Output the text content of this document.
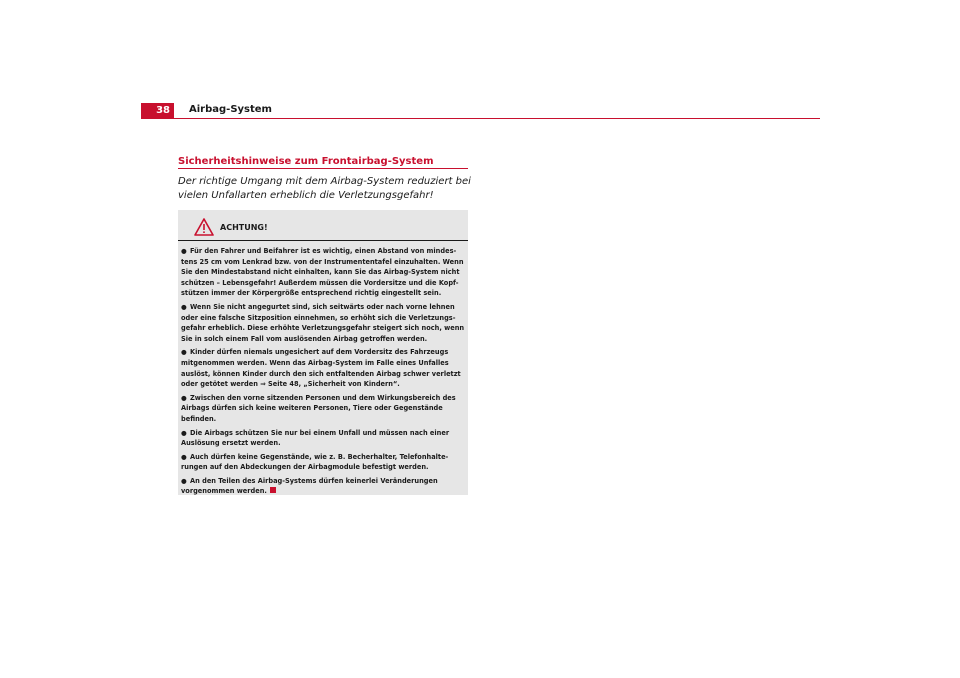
38	Airbag-System
Sicherheitshinweise zum Frontairbag-System
Der richtige Umgang mit dem Airbag-System reduziert bei vielen Unfallarten erheblich die Verletzungsgefahr!
ACHTUNG!
● Für den Fahrer und Beifahrer ist es wichtig, einen Abstand von mindes-tens 25 cm vom Lenkrad bzw. von der Instrumententafel einzuhalten. Wenn Sie den Mindestabstand nicht einhalten, kann Sie das Airbag-System nicht schützen – Lebensgefahr! Außerdem müssen die Vordersitze und die Kopf-stützen immer der Körpergröße entsprechend richtig eingestellt sein.
● Wenn Sie nicht angegurtet sind, sich seitwärts oder nach vorne lehnen oder eine falsche Sitzposition einnehmen, so erhöht sich die Verletzungs-gefahr erheblich. Diese erhöhte Verletzungsgefahr steigert sich noch, wenn Sie in solch einem Fall vom auslösenden Airbag getroffen werden.
● Kinder dürfen niemals ungesichert auf dem Vordersitz des Fahrzeugs mitgenommen werden. Wenn das Airbag-System im Falle eines Unfalles auslöst, können Kinder durch den sich entfaltenden Airbag schwer verletzt oder getötet werden ⇒ Seite 48, „Sicherheit von Kindern“.
● Zwischen den vorne sitzenden Personen und dem Wirkungsbereich des Airbags dürfen sich keine weiteren Personen, Tiere oder Gegenstände befinden.
● Die Airbags schützen Sie nur bei einem Unfall und müssen nach einer Auslösung ersetzt werden.
● Auch dürfen keine Gegenstände, wie z. B. Becherhalter, Telefonhalte-rungen auf den Abdeckungen der Airbagmodule befestigt werden.
● An den Teilen des Airbag-Systems dürfen keinerlei Veränderungen vorgenommen werden.
